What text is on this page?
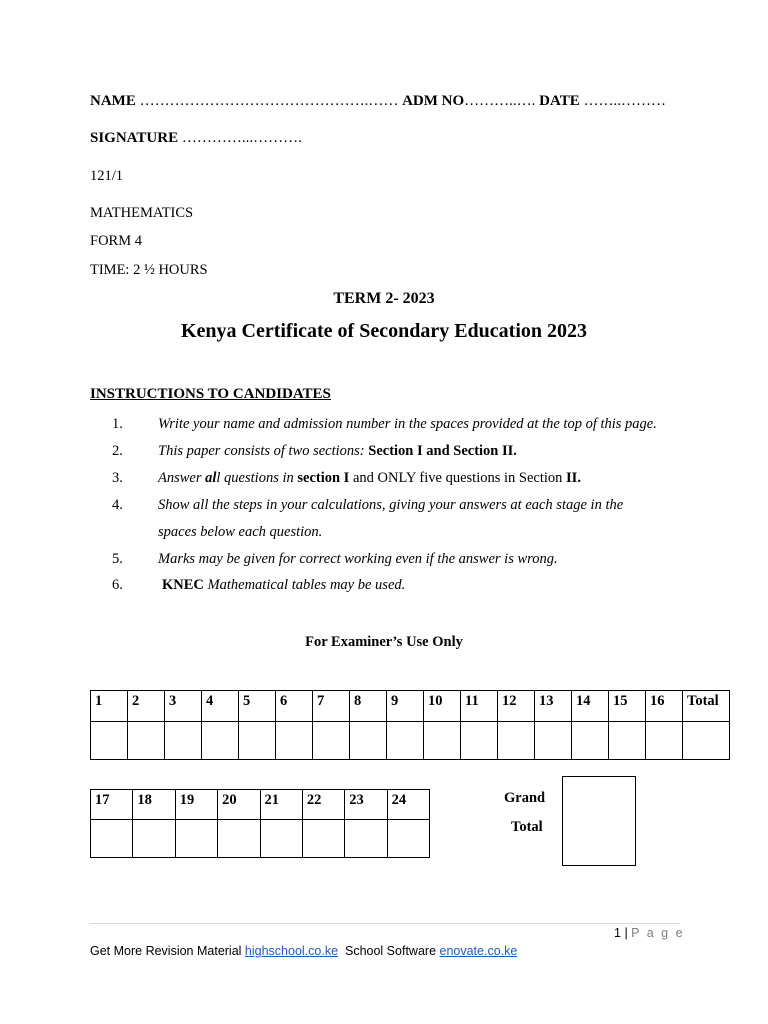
NAME ……………………………………….…… ADM NO………..…. DATE ……..………
SIGNATURE …………...……….
121/1
MATHEMATICS
FORM 4
TIME: 2 ½ HOURS
TERM 2- 2023
Kenya Certificate of Secondary Education 2023
INSTRUCTIONS TO CANDIDATES
1. Write your name and admission number in the spaces provided at the top of this page.
2. This paper consists of two sections: Section I and Section II.
3. Answer all questions in section I and ONLY five questions in Section II.
4. Show all the steps in your calculations, giving your answers at each stage in the
spaces below each question.
5. Marks may be given for correct working even if the answer is wrong.
6.	KNEC Mathematical tables may be used.
For Examiner’s Use Only
1	2	3	4	5	6	7	8	9	10	11	12	13	14	15	16	Total

17	18	19	20	21	22	23	24
								Grand
Total
1 | P a g e
Get More Revision Material highschool.co.ke  School Software enovate.co.ke
